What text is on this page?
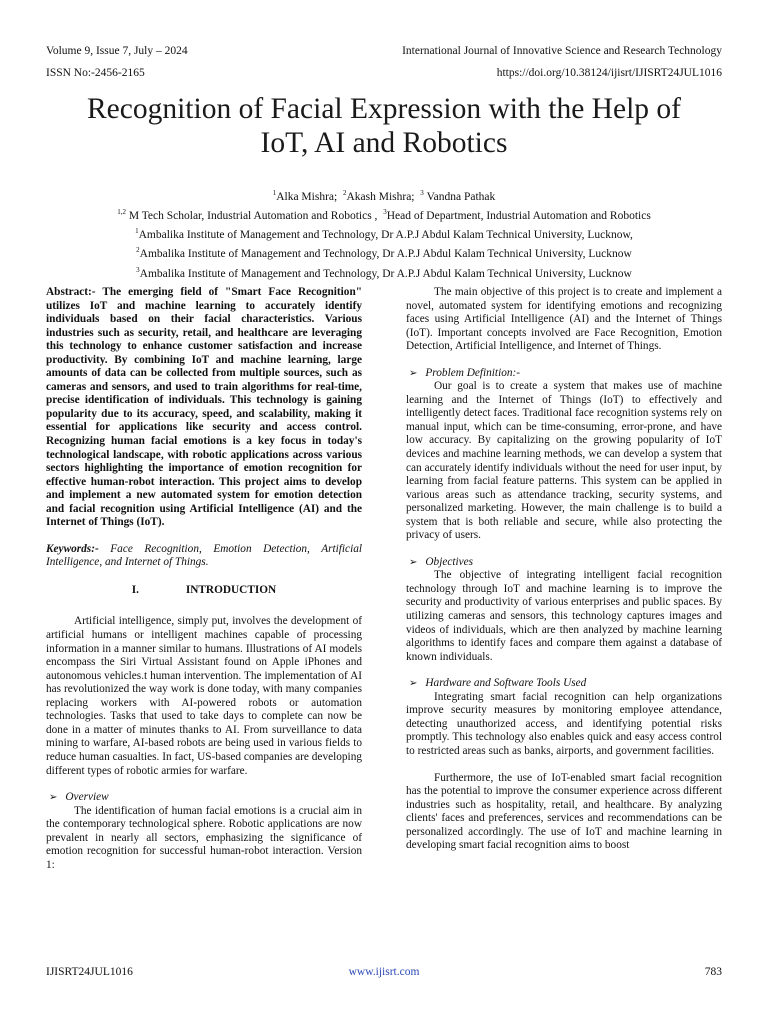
Volume 9, Issue 7, July – 2024	International Journal of Innovative Science and Research Technology
ISSN No:-2456-2165	https://doi.org/10.38124/ijisrt/IJISRT24JUL1016
Recognition of Facial Expression with the Help of
IoT, AI and Robotics
$^1$Alka Mishra; $^2$Akash Mishra; $^3$ Vandna Pathak
$^{1,2}$ M Tech Scholar, Industrial Automation and Robotics , $^3$Head of Department, Industrial Automation and Robotics
$^1$Ambalika Institute of Management and Technology, Dr A.P.J Abdul Kalam Technical University, Lucknow,
$^2$Ambalika Institute of Management and Technology, Dr A.P.J Abdul Kalam Technical University, Lucknow
$^3$Ambalika Institute of Management and Technology, Dr A.P.J Abdul Kalam Technical University, Lucknow

Abstract:- The emerging field of "Smart Face Recognition" utilizes IoT and machine learning to accurately identify individuals based on their facial characteristics. Various industries such as security, retail, and healthcare are leveraging this technology to enhance customer satisfaction and increase productivity. By combining IoT and machine learning, large amounts of data can be collected from multiple sources, such as cameras and sensors, and used to train algorithms for real-time, precise identification of individuals. This technology is gaining popularity due to its accuracy, speed, and scalability, making it essential for applications like security and access control. Recognizing human facial emotions is a key focus in today's technological landscape, with robotic applications across various sectors highlighting the importance of emotion recognition for effective human-robot interaction. This project aims to develop and implement a new automated system for emotion detection and facial recognition using Artificial Intelligence (AI) and the Internet of Things (IoT).

Keywords:- Face Recognition, Emotion Detection, Artificial Intelligence, and Internet of Things.

I.	INTRODUCTION

Artificial intelligence, simply put, involves the development of artificial humans or intelligent machines capable of processing information in a manner similar to humans. Illustrations of AI models encompass the Siri Virtual Assistant found on Apple iPhones and autonomous vehicles.t human intervention. The implementation of AI has revolutionized the way work is done today, with many companies replacing workers with AI-powered robots or automation technologies. Tasks that used to take days to complete can now be done in a matter of minutes thanks to AI. From surveillance to data mining to warfare, AI-based robots are being used in various fields to reduce human casualties. In fact, US-based companies are developing different types of robotic armies for warfare.

➢ Overview

The identification of human facial emotions is a crucial aim in the contemporary technological sphere. Robotic applications are now prevalent in nearly all sectors, emphasizing the significance of emotion recognition for successful human-robot interaction. Version 1:

The main objective of this project is to create and implement a novel, automated system for identifying emotions and recognizing faces using Artificial Intelligence (AI) and the Internet of Things (IoT). Important concepts involved are Face Recognition, Emotion Detection, Artificial Intelligence, and Internet of Things.

➢ Problem Definition:-

Our goal is to create a system that makes use of machine learning and the Internet of Things (IoT) to effectively and intelligently detect faces. Traditional face recognition systems rely on manual input, which can be time-consuming, error-prone, and have low accuracy. By capitalizing on the growing popularity of IoT devices and machine learning methods, we can develop a system that can accurately identify individuals without the need for user input, by learning from facial feature patterns. This system can be applied in various areas such as attendance tracking, security systems, and personalized marketing. However, the main challenge is to build a system that is both reliable and secure, while also protecting the privacy of users.

➢ Objectives

The objective of integrating intelligent facial recognition technology through IoT and machine learning is to improve the security and productivity of various enterprises and public spaces. By utilizing cameras and sensors, this technology captures images and videos of individuals, which are then analyzed by machine learning algorithms to identify faces and compare them against a database of known individuals.

➢ Hardware and Software Tools Used

Integrating smart facial recognition can help organizations improve security measures by monitoring employee attendance, detecting unauthorized access, and identifying potential risks promptly. This technology also enables quick and easy access control to restricted areas such as banks, airports, and government facilities.

Furthermore, the use of IoT-enabled smart facial recognition has the potential to improve the consumer experience across different industries such as hospitality, retail, and healthcare. By analyzing clients' faces and preferences, services and recommendations can be personalized accordingly. The use of IoT and machine learning in developing smart facial recognition aims to boost

IJISRT24JUL1016	www.ijisrt.com	783
